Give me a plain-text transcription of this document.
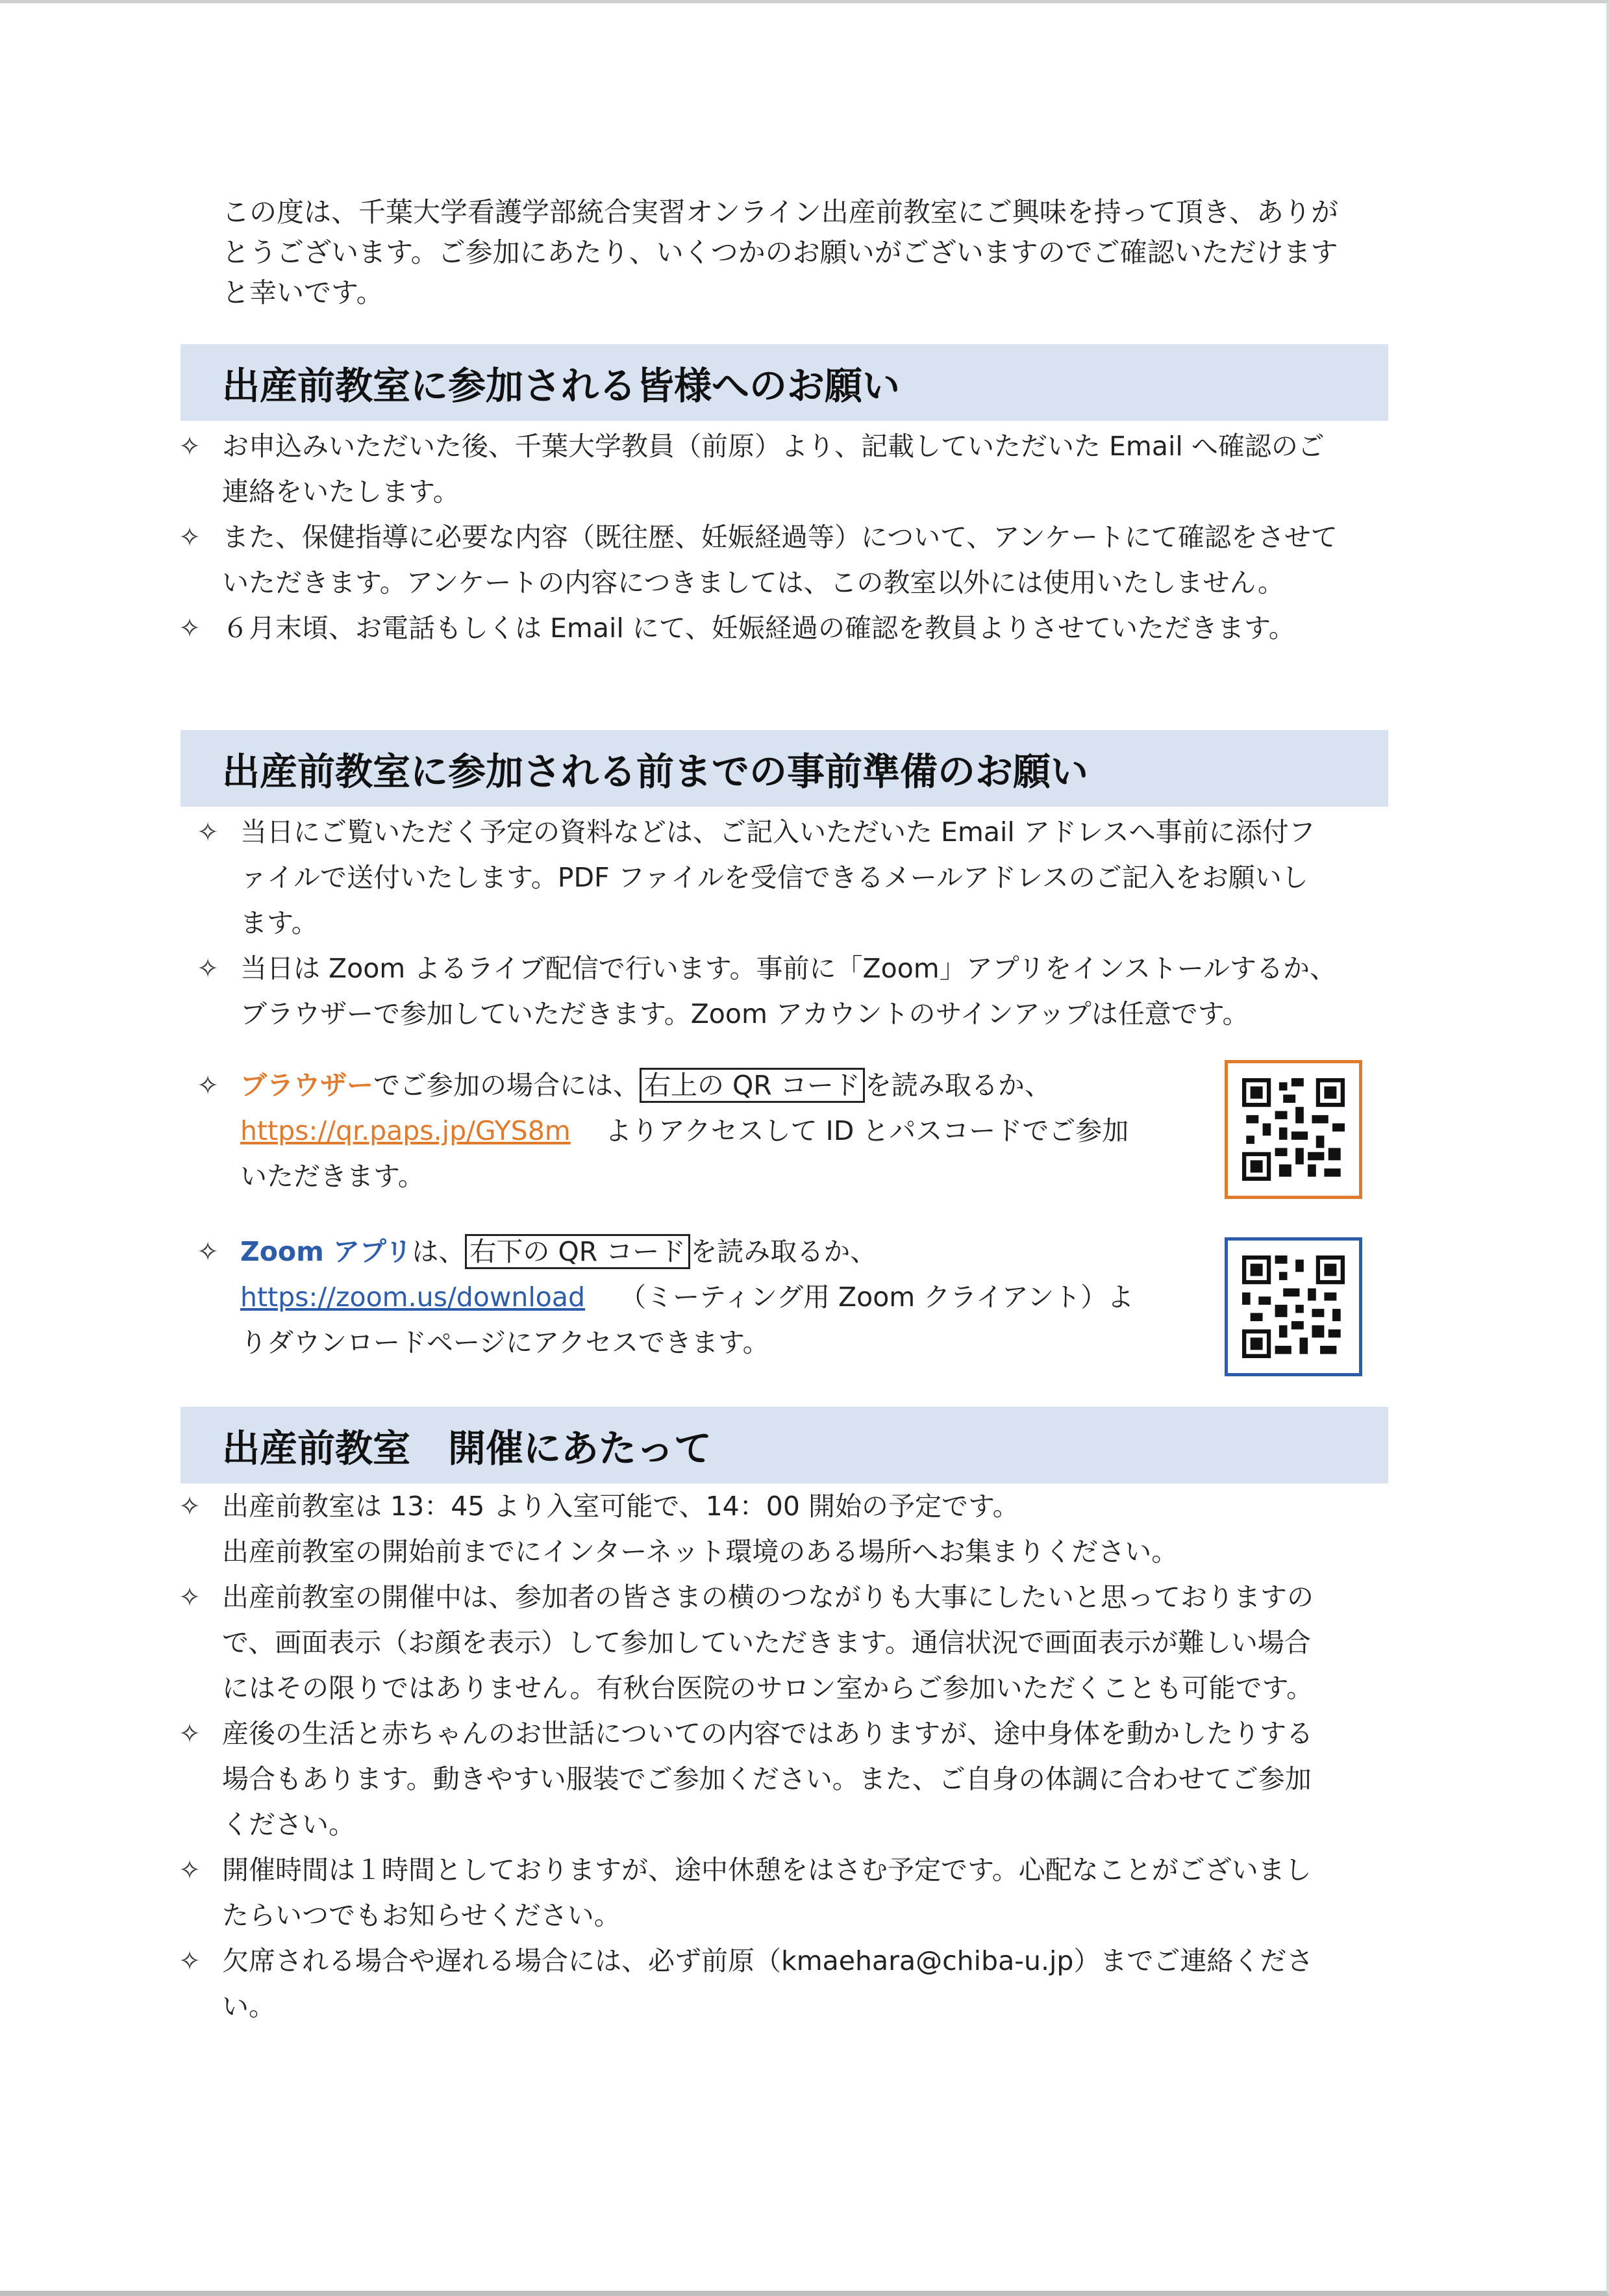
この度は、千葉大学看護学部統合実習オンライン出産前教室にご興味を持って頂き、ありが
とうございます。ご参加にあたり、いくつかのお願いがございますのでご確認いただけます
と幸いです。
出産前教室に参加される皆様へのお願い
✧ お申込みいただいた後、千葉大学教員（前原）より、記載していただいた Email へ確認のご
連絡をいたします。
✧ また、保健指導に必要な内容（既往歴、妊娠経過等）について、アンケートにて確認をさせて
いただきます。アンケートの内容につきましては、この教室以外には使用いたしません。
✧ ６月末頃、お電話もしくは Email にて、妊娠経過の確認を教員よりさせていただきます。
出産前教室に参加される前までの事前準備のお願い
✧ 当日にご覧いただく予定の資料などは、ご記入いただいた Email アドレスへ事前に添付フ
ァイルで送付いたします。PDF ファイルを受信できるメールアドレスのご記入をお願いし
ます。
✧ 当日は Zoom よるライブ配信で行います。事前に「Zoom」アプリをインストールするか、
ブラウザーで参加していただきます。Zoom アカウントのサインアップは任意です。
✧ ブラウザーでご参加の場合には、 右上の QR コード を読み取るか、
https://qr.paps.jp/GYS8m よりアクセスして ID とパスコードでご参加
いただきます。
✧ Zoom アプリは、 右下の QR コード を読み取るか、
https://zoom.us/download （ミーティング用 Zoom クライアント）よ
りダウンロードページにアクセスできます。
出産前教室　開催にあたって
✧ 出産前教室は 13：45 より入室可能で、14：00 開始の予定です。
出産前教室の開始前までにインターネット環境のある場所へお集まりください。
✧ 出産前教室の開催中は、参加者の皆さまの横のつながりも大事にしたいと思っておりますの
で、画面表示（お顔を表示）して参加していただきます。通信状況で画面表示が難しい場合
にはその限りではありません。有秋台医院のサロン室からご参加いただくことも可能です。
✧ 産後の生活と赤ちゃんのお世話についての内容ではありますが、途中身体を動かしたりする
場合もあります。動きやすい服装でご参加ください。また、ご自身の体調に合わせてご参加
ください。
✧ 開催時間は１時間としておりますが、途中休憩をはさむ予定です。心配なことがございまし
たらいつでもお知らせください。
✧ 欠席される場合や遅れる場合には、必ず前原（kmaehara@chiba-u.jp）までご連絡くださ
い。
